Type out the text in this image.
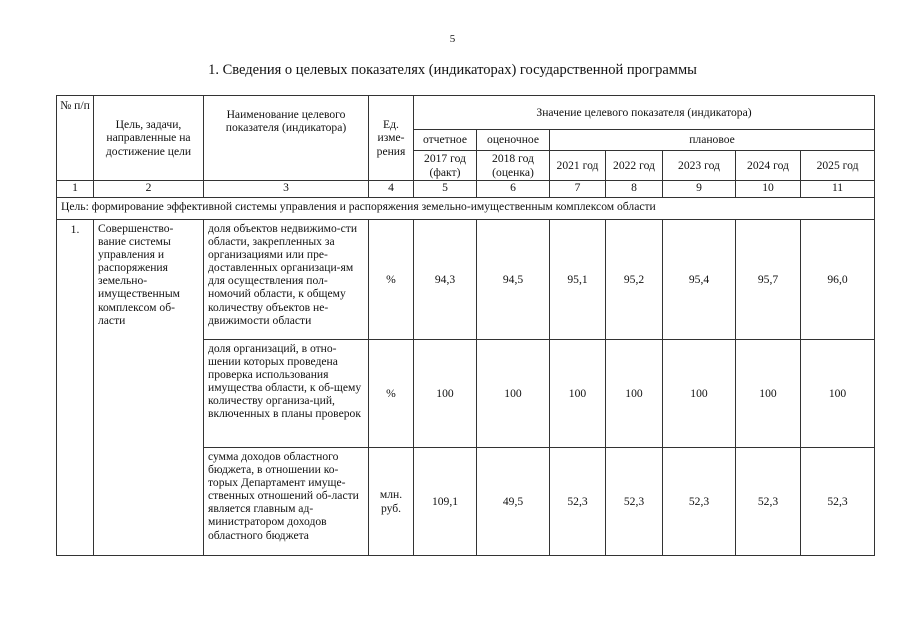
5
1. Сведения о целевых показателях (индикаторах) государственной программы
№ п/п	Цель, задачи, направленные на достижение цели	Наименование целевого показателя (индикатора)	Ед. изме-рения	Значение целевого показателя (индикатора)						
				отчетное	оценочное	плановое				
				2017 год (факт)	2018 год (оценка)	2021 год	2022 год	2023 год	2024 год	2025 год
1	2	3	4	5	6	7	8	9	10	11
Цель: формирование эффективной системы управления и распоряжения земельно-имущественным комплексом области										
1.	Совершенство-вание системы управления и распоряжения земельно-имущественным комплексом об-ласти	доля объектов недвижимо-сти области, закрепленных за организациями или пре-доставленных организаци-ям для осуществления пол-номочий области, к общему количеству объектов не-движимости области	%	94,3	94,5	95,1	95,2	95,4	95,7	96,0
		доля организаций, в отно-шении которых проведена проверка использования имущества области, к об-щему количеству организа-ций, включенных в планы проверок	%	100	100	100	100	100	100	100
		сумма доходов областного бюджета, в отношении ко-торых Департамент имуще-ственных отношений об-ласти является главным ад-министратором доходов областного бюджета	млн. руб.	109,1	49,5	52,3	52,3	52,3	52,3	52,3
